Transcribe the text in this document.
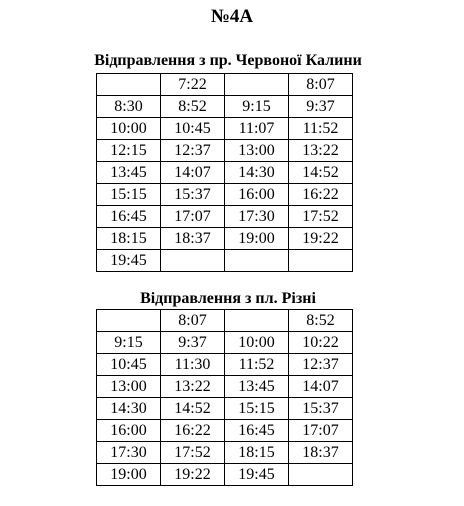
№4А
Відправлення з пр. Червоної Калини
	7:22		8:07
8:30	8:52	9:15	9:37
10:00	10:45	11:07	11:52
12:15	12:37	13:00	13:22
13:45	14:07	14:30	14:52
15:15	15:37	16:00	16:22
16:45	17:07	17:30	17:52
18:15	18:37	19:00	19:22
19:45			
Відправлення з пл. Різні
	8:07		8:52
9:15	9:37	10:00	10:22
10:45	11:30	11:52	12:37
13:00	13:22	13:45	14:07
14:30	14:52	15:15	15:37
16:00	16:22	16:45	17:07
17:30	17:52	18:15	18:37
19:00	19:22	19:45	
